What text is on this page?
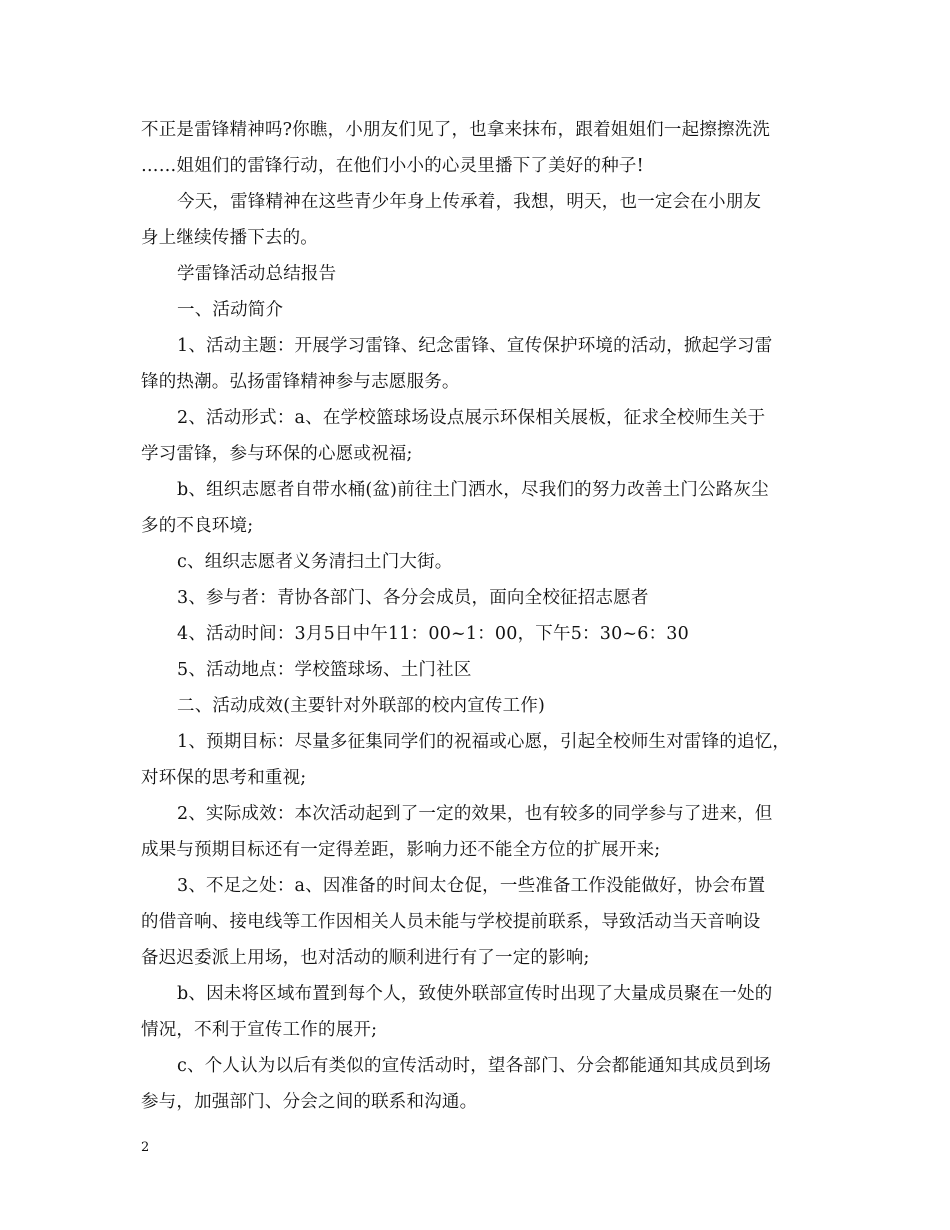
不正是雷锋精神吗?你瞧，小朋友们见了，也拿来抹布，跟着姐姐们一起擦擦洗洗
……姐姐们的雷锋行动，在他们小小的心灵里播下了美好的种子!
今天，雷锋精神在这些青少年身上传承着，我想，明天，也一定会在小朋友
身上继续传播下去的。
学雷锋活动总结报告
一、活动简介
1、活动主题：开展学习雷锋、纪念雷锋、宣传保护环境的活动，掀起学习雷
锋的热潮。弘扬雷锋精神参与志愿服务。
2、活动形式：a、在学校篮球场设点展示环保相关展板，征求全校师生关于
学习雷锋，参与环保的心愿或祝福;
b、组织志愿者自带水桶(盆)前往土门洒水，尽我们的努力改善土门公路灰尘
多的不良环境;
c、组织志愿者义务清扫土门大街。
3、参与者：青协各部门、各分会成员，面向全校征招志愿者
4、活动时间：3月5日中午11：00~1：00，下午5：30~6：30
5、活动地点：学校篮球场、土门社区
二、活动成效(主要针对外联部的校内宣传工作)
1、预期目标：尽量多征集同学们的祝福或心愿，引起全校师生对雷锋的追忆，
对环保的思考和重视;
2、实际成效：本次活动起到了一定的效果，也有较多的同学参与了进来，但
成果与预期目标还有一定得差距，影响力还不能全方位的扩展开来;
3、不足之处：a、因准备的时间太仓促，一些准备工作没能做好，协会布置
的借音响、接电线等工作因相关人员未能与学校提前联系，导致活动当天音响设
备迟迟委派上用场，也对活动的顺利进行有了一定的影响;
b、因未将区域布置到每个人，致使外联部宣传时出现了大量成员聚在一处的
情况，不利于宣传工作的展开;
c、个人认为以后有类似的宣传活动时，望各部门、分会都能通知其成员到场
参与，加强部门、分会之间的联系和沟通。
2
